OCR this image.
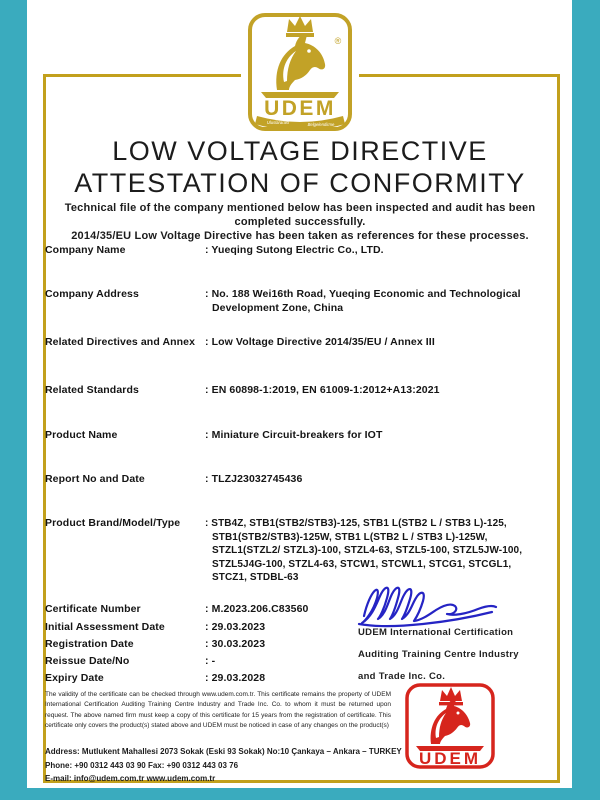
UDEM
Uluslararası	Belgelendirme
®
LOW VOLTAGE DIRECTIVE
ATTESTATION OF CONFORMITY
Technical file of the company mentioned below has been inspected and audit has been completed successfully.
2014/35/EU Low Voltage Directive has been taken as references for these processes.
Company Name	: Yueqing Sutong Electric Co., LTD.
Company Address	: No. 188 Wei16th Road, Yueqing Economic and Technological
Development Zone, China
Related Directives and Annex : Low Voltage Directive 2014/35/EU / Annex III
Related Standards	: EN 60898-1:2019, EN 61009-1:2012+A13:2021
Product Name	: Miniature Circuit-breakers for IOT
Report No and Date	: TLZJ23032745436
Product Brand/Model/Type	: STB4Z, STB1(STB2/STB3)-125, STB1 L(STB2 L / STB3 L)-125,
STB1(STB2/STB3)-125W, STB1 L(STB2 L / STB3 L)-125W,
STZL1(STZL2/ STZL3)-100, STZL4-63, STZL5-100, STZL5JW-100,
STZL5J4G-100, STZL4-63, STCW1, STCWL1, STCG1, STCGL1,
STCZ1, STDBL-63
Certificate Number	: M.2023.206.C83560
Initial Assessment Date	: 29.03.2023
Registration Date	: 30.03.2023
Reissue Date/No	: -
Expiry Date	: 29.03.2028
UDEM International Certification
Auditing Training Centre Industry
and Trade Inc. Co.
The validity of the certificate can be checked through www.udem.com.tr. This certificate remains the property of UDEM International Certification Auditing Training Centre Industry and Trade Inc. Co. to whom it must be returned upon request. The above named firm must keep a copy of this certificate for 15 years from the registration of certificate. This certificate only covers the product(s) stated above and UDEM must be noticed in case of any changes on the product(s)
Address: Mutlukent Mahallesi 2073 Sokak (Eski 93 Sokak) No:10 Çankaya – Ankara – TURKEY
Phone: +90 0312 443 03 90 Fax: +90 0312 443 03 76
E-mail: info@udem.com.tr www.udem.com.tr
UDEM
